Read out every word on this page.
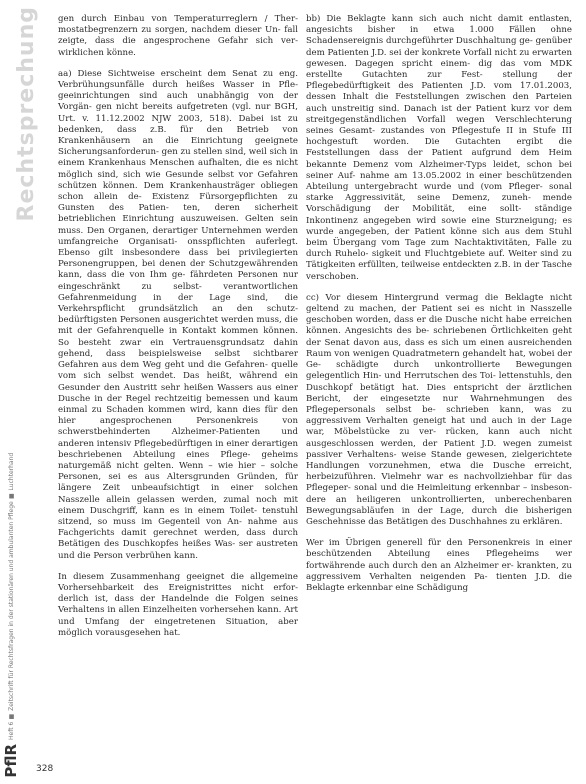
Rechtsprechung
Heft 6 ■ Zeitschrift für Rechtsfragen in der stationären und ambulanten Pflege ■ Luchterhand
PflR

gen durch Einbau von Temperaturreglern / Ther- mostatbegrenzern zu sorgen, nachdem dieser Un- fall zeigte, dass die angesprochene Gefahr sich ver- wirklichen könne.

aa) Diese Sichtweise erscheint dem Senat zu eng. Verbrühungsunfälle durch heißes Wasser in Pfle- geeinrichtungen sind auch unabhängig von der Vorgän- gen nicht bereits aufgetreten (vgl. nur BGH, Urt. v. 11.12.2002 NJW 2003, 518). Dabei ist zu bedenken, dass z.B. für den Betrieb von Krankenhäusern an die Einrichtung geeignete Sicherungsanforderun- gen zu stellen sind, weil sich in einem Krankenhaus Menschen aufhalten, die es nicht möglich sind, sich wie Gesunde selbst vor Gefahren schützen können. Dem Krankenhausträger obliegen schon allein de- Existenz Fürsorgepflichten zu Gunsten des Patien- ten, deren sicherheit betrieblichen Einrichtung auszuweisen. Gelten sein muss. Den Organen, derartiger Unternehmen werden umfangreiche Organisati- onsspflichten auferlegt. Ebenso gilt insbesondere dass bei privilegierten Personengruppen, bei denen der Schutzgewährenden kann, dass die von Ihm ge- fährdeten Personen nur eingeschränkt zu selbst- verantwortlichen Gefahrenmeidung in der Lage sind, die Verkehrspflicht grundsätzlich an den schutz- bedürftigsten Personen ausgerichtet werden muss, die mit der Gefahrenquelle in Kontakt kommen können. So besteht zwar ein Vertrauensgrundsatz dahin gehend, dass beispielsweise selbst sichtbarer Gefahren aus dem Weg geht und die Gefahren- quelle vom sich selbst wendet. Das heißt, während ein Gesunder den Austritt sehr heißen Wassers aus einer Dusche in der Regel rechtzeitig bemessen und kaum einmal zu Schaden kommen wird, kann dies für den hier angesprochenen Personenkreis von schwerstbehinderten Alzheimer-Patienten und anderen intensiv Pflegebedürftigen in einer derartigen beschriebenen Abteilung eines Pflege- geheims naturgemäß nicht gelten. Wenn – wie hier – solche Personen, sei es aus Altersgrunden Gründen, für längere Zeit unbeaufsichtigt in einer solchen Nasszelle allein gelassen werden, zumal noch mit einem Duschgriff, kann es in einem Toilet- tenstuhl sitzend, so muss im Gegenteil von An- nahme aus Fachgerichts damit gerechnet werden, dass durch Betätigen des Duschkopfes heißes Was- ser austreten und die Person verbrühen kann.

In diesem Zusammenhang geeignet die allgemeine Vorhersehbarkeit des Ereignistrittes nicht erfor- derlich ist, dass der Handelnde die Folgen seines Verhaltens in allen Einzelheiten vorhersehen kann. Art und Umfang der eingetretenen Situation, aber möglich vorausgesehen hat.

bb) Die Beklagte kann sich auch nicht damit entlasten, angesichts bisher in etwa 1.000 Fällen ohne Schadensereignis durchgeführter Duschhaltung ge- genüber dem Patienten J.D. sei der konkrete Vorfall nicht zu erwarten gewesen. Dagegen spricht einem- dig das vom MDK erstellte Gutachten zur Fest- stellung der Pflegebedürftigkeit des Patienten J.D. vom 17.01.2003, dessen Inhalt die Feststellungen zwischen den Parteien auch unstreitig sind. Danach ist der Patient kurz vor dem streitgegenständlichen Vorfall wegen Verschlechterung seines Gesamt- zustandes von Pflegestufe II in Stufe III hochgestuft worden. Die Gutachten ergibt die Feststellungen dass der Patient aufgrund dem Heim bekannte Demenz vom Alzheimer-Typs leidet, schon bei seiner Auf- nahme am 13.05.2002 in einer beschützenden Abteilung untergebracht wurde und (vom Pfleger- sonal starke Aggressivität, seine Demenz, zuneh- mende Vorschädigung der Mobilität, eine sollt- ständige Inkontinenz angegeben wird sowie eine Sturzneigung; es wurde angegeben, der Patient könne sich aus dem Stuhl beim Übergang vom Tage zum Nachtaktivitäten, Falle zu durch Ruhelo- sigkeit und Fluchtgebiete auf. Weiter sind zu Tätigkeiten erfüllten, teilweise entdeckten z.B. in der Tasche verschoben.

cc) Vor diesem Hintergrund vermag die Beklagte nicht geltend zu machen, der Patient sei es nicht in Nasszelle geschoben worden, dass er die Dusche nicht habe erreichen können. Angesichts des be- schriebenen Örtlichkeiten geht der Senat davon aus, dass es sich um einen ausreichenden Raum von wenigen Quadratmetern gehandelt hat, wobei der Ge- schädigte durch unkontrollierte Bewegungen gelegentlich Hin- und Herrutschen des Toi- lettenstuhls, den Duschkopf betätigt hat. Dies entspricht der ärztlichen Bericht, der eingesetzte nur Wahrnehmungen des Pflegepersonals selbst be- schrieben kann, was zu aggressivem Verhalten geneigt hat und auch in der Lage war, Möbelstücke zu ver- rücken, kann auch nicht ausgeschlossen werden, der Patient J.D. wegen zumeist passiver Verhaltens- weise Stande gewesen, zielgerichtete Handlungen vorzunehmen, etwa die Dusche erreicht, herbeizuführen. Vielmehr war es nachvollziehbar für das Pflegeper- sonal und die Heimleitung erkennbar – insbeson- dere an heiligeren unkontrollierten, unberechenbaren Bewegungsabläufen in der Lage, durch die bisherigen Geschehnisse das Betätigen des Duschhahnes zu erklären.

Wer im Übrigen generell für den Personenkreis in einer beschützenden Abteilung eines Pflegeheims wer fortwährende auch durch den an Alzheimer er- krankten, zu aggressivem Verhalten neigenden Pa- tienten J.D. die Beklagte erkennbar eine Schädigung

328
